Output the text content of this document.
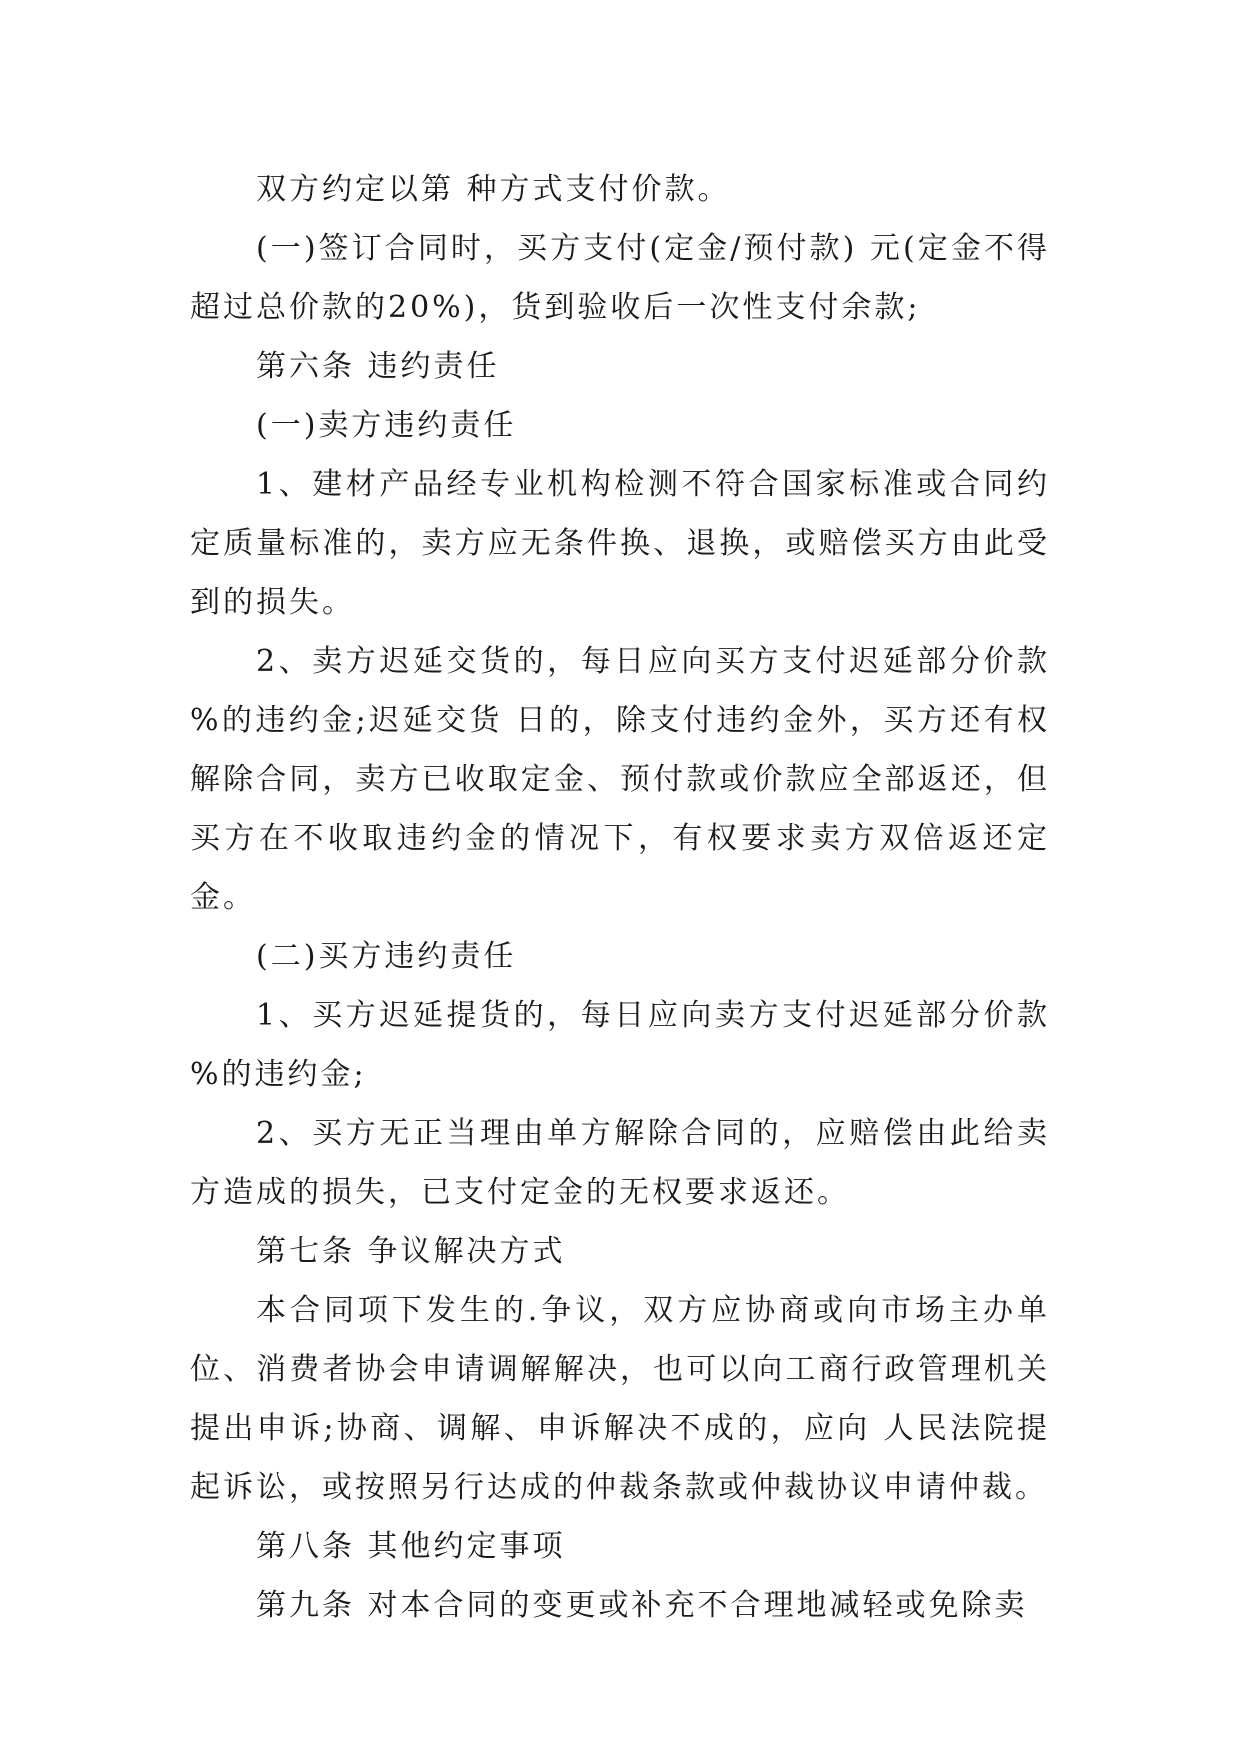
双方约定以第 种方式支付价款。

(一)签订合同时，买方支付(定金/预付款) 元(定金不得超过总价款的20%)，货到验收后一次性支付余款;

第六条 违约责任

(一)卖方违约责任

1、建材产品经专业机构检测不符合国家标准或合同约定质量标准的，卖方应无条件换、退换，或赔偿买方由此受到的损失。

2、卖方迟延交货的，每日应向买方支付迟延部分价款 %的违约金;迟延交货 日的，除支付违约金外，买方还有权解除合同，卖方已收取定金、预付款或价款应全部返还，但买方在不收取违约金的情况下，有权要求卖方双倍返还定金。

(二)买方违约责任

1、买方迟延提货的，每日应向卖方支付迟延部分价款 %的违约金;

2、买方无正当理由单方解除合同的，应赔偿由此给卖方造成的损失，已支付定金的无权要求返还。

第七条 争议解决方式

本合同项下发生的.争议，双方应协商或向市场主办单位、消费者协会申请调解解决，也可以向工商行政管理机关提出申诉;协商、调解、申诉解决不成的，应向 人民法院提起诉讼，或按照另行达成的仲裁条款或仲裁协议申请仲裁。

第八条 其他约定事项

第九条 对本合同的变更或补充不合理地减轻或免除卖
